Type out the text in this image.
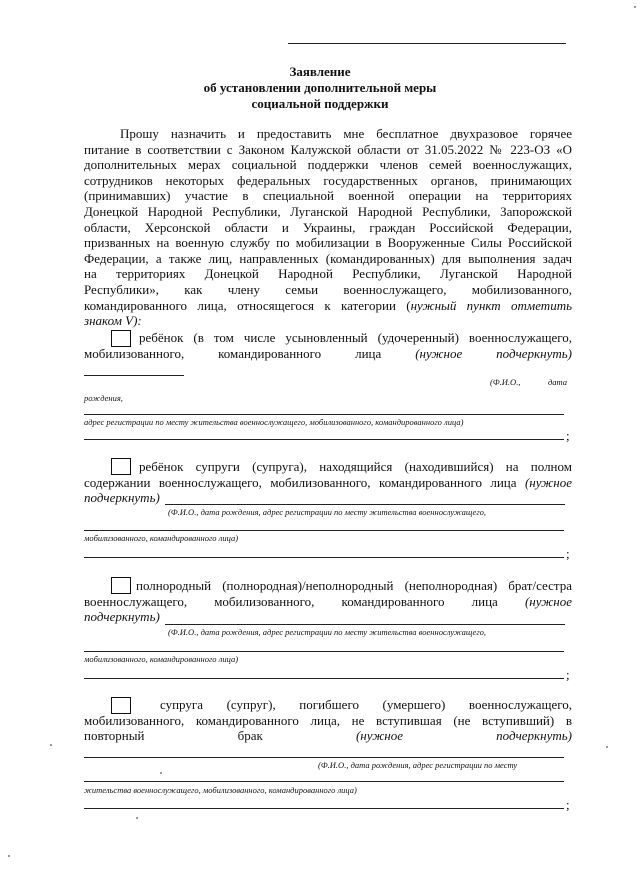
Заявление
об установлении дополнительной меры
социальной поддержки
Прошу назначить и предоставить мне бесплатное двухразовое горячее
питание в соответствии с Законом Калужской области от 31.05.2022 № 223-ОЗ «О
дополнительных мерах социальной поддержки членов семей военнослужащих,
сотрудников некоторых федеральных государственных органов, принимающих
(принимавших) участие в специальной военной операции на территориях
Донецкой Народной Республики, Луганской Народной Республики, Запорожской
области, Херсонской области и Украины, граждан Российской Федерации,
призванных на военную службу по мобилизации в Вооруженные Силы Российской
Федерации, а также лиц, направленных (командированных) для выполнения задач
на территориях Донецкой Народной Республики, Луганской Народной
Республики», как члену семьи военнослужащего, мобилизованного,
командированного лица, относящегося к категории (нужный пункт отметить
знаком V):
ребёнок (в том числе усыновленный (удочеренный) военнослужащего,
мобилизованного, командированного лица	(нужное подчеркнуть)
(Ф.И.О.,	дата
рождения,
адрес регистрации по месту жительства военнослужащего, мобилизованного, командированного лица)
;
ребёнок супруги (супруга), находящийся (находившийся) на полном
содержании военнослужащего, мобилизованного, командированного лица (нужное
подчеркнуть)
(Ф.И.О., дата рождения, адрес регистрации по месту жительства военнослужащего,
мобилизованного, командированного лица)
;
полнородный (полнородная)/неполнородный (неполнородная) брат/сестра
военнослужащего, мобилизованного, командированного лица (нужное
подчеркнуть)
(Ф.И.О., дата рождения, адрес регистрации по месту жительства военнослужащего,
мобилизованного, командированного лица)
;
супруга (супруг), погибшего (умершего) военнослужащего,
мобилизованного, командированного лица, не вступившая (не вступивший) в
повторный брак	(нужное подчеркнуть)
(Ф.И.О., дата рождения, адрес регистрации по месту
жительства военнослужащего, мобилизованного, командированного лица)
;
